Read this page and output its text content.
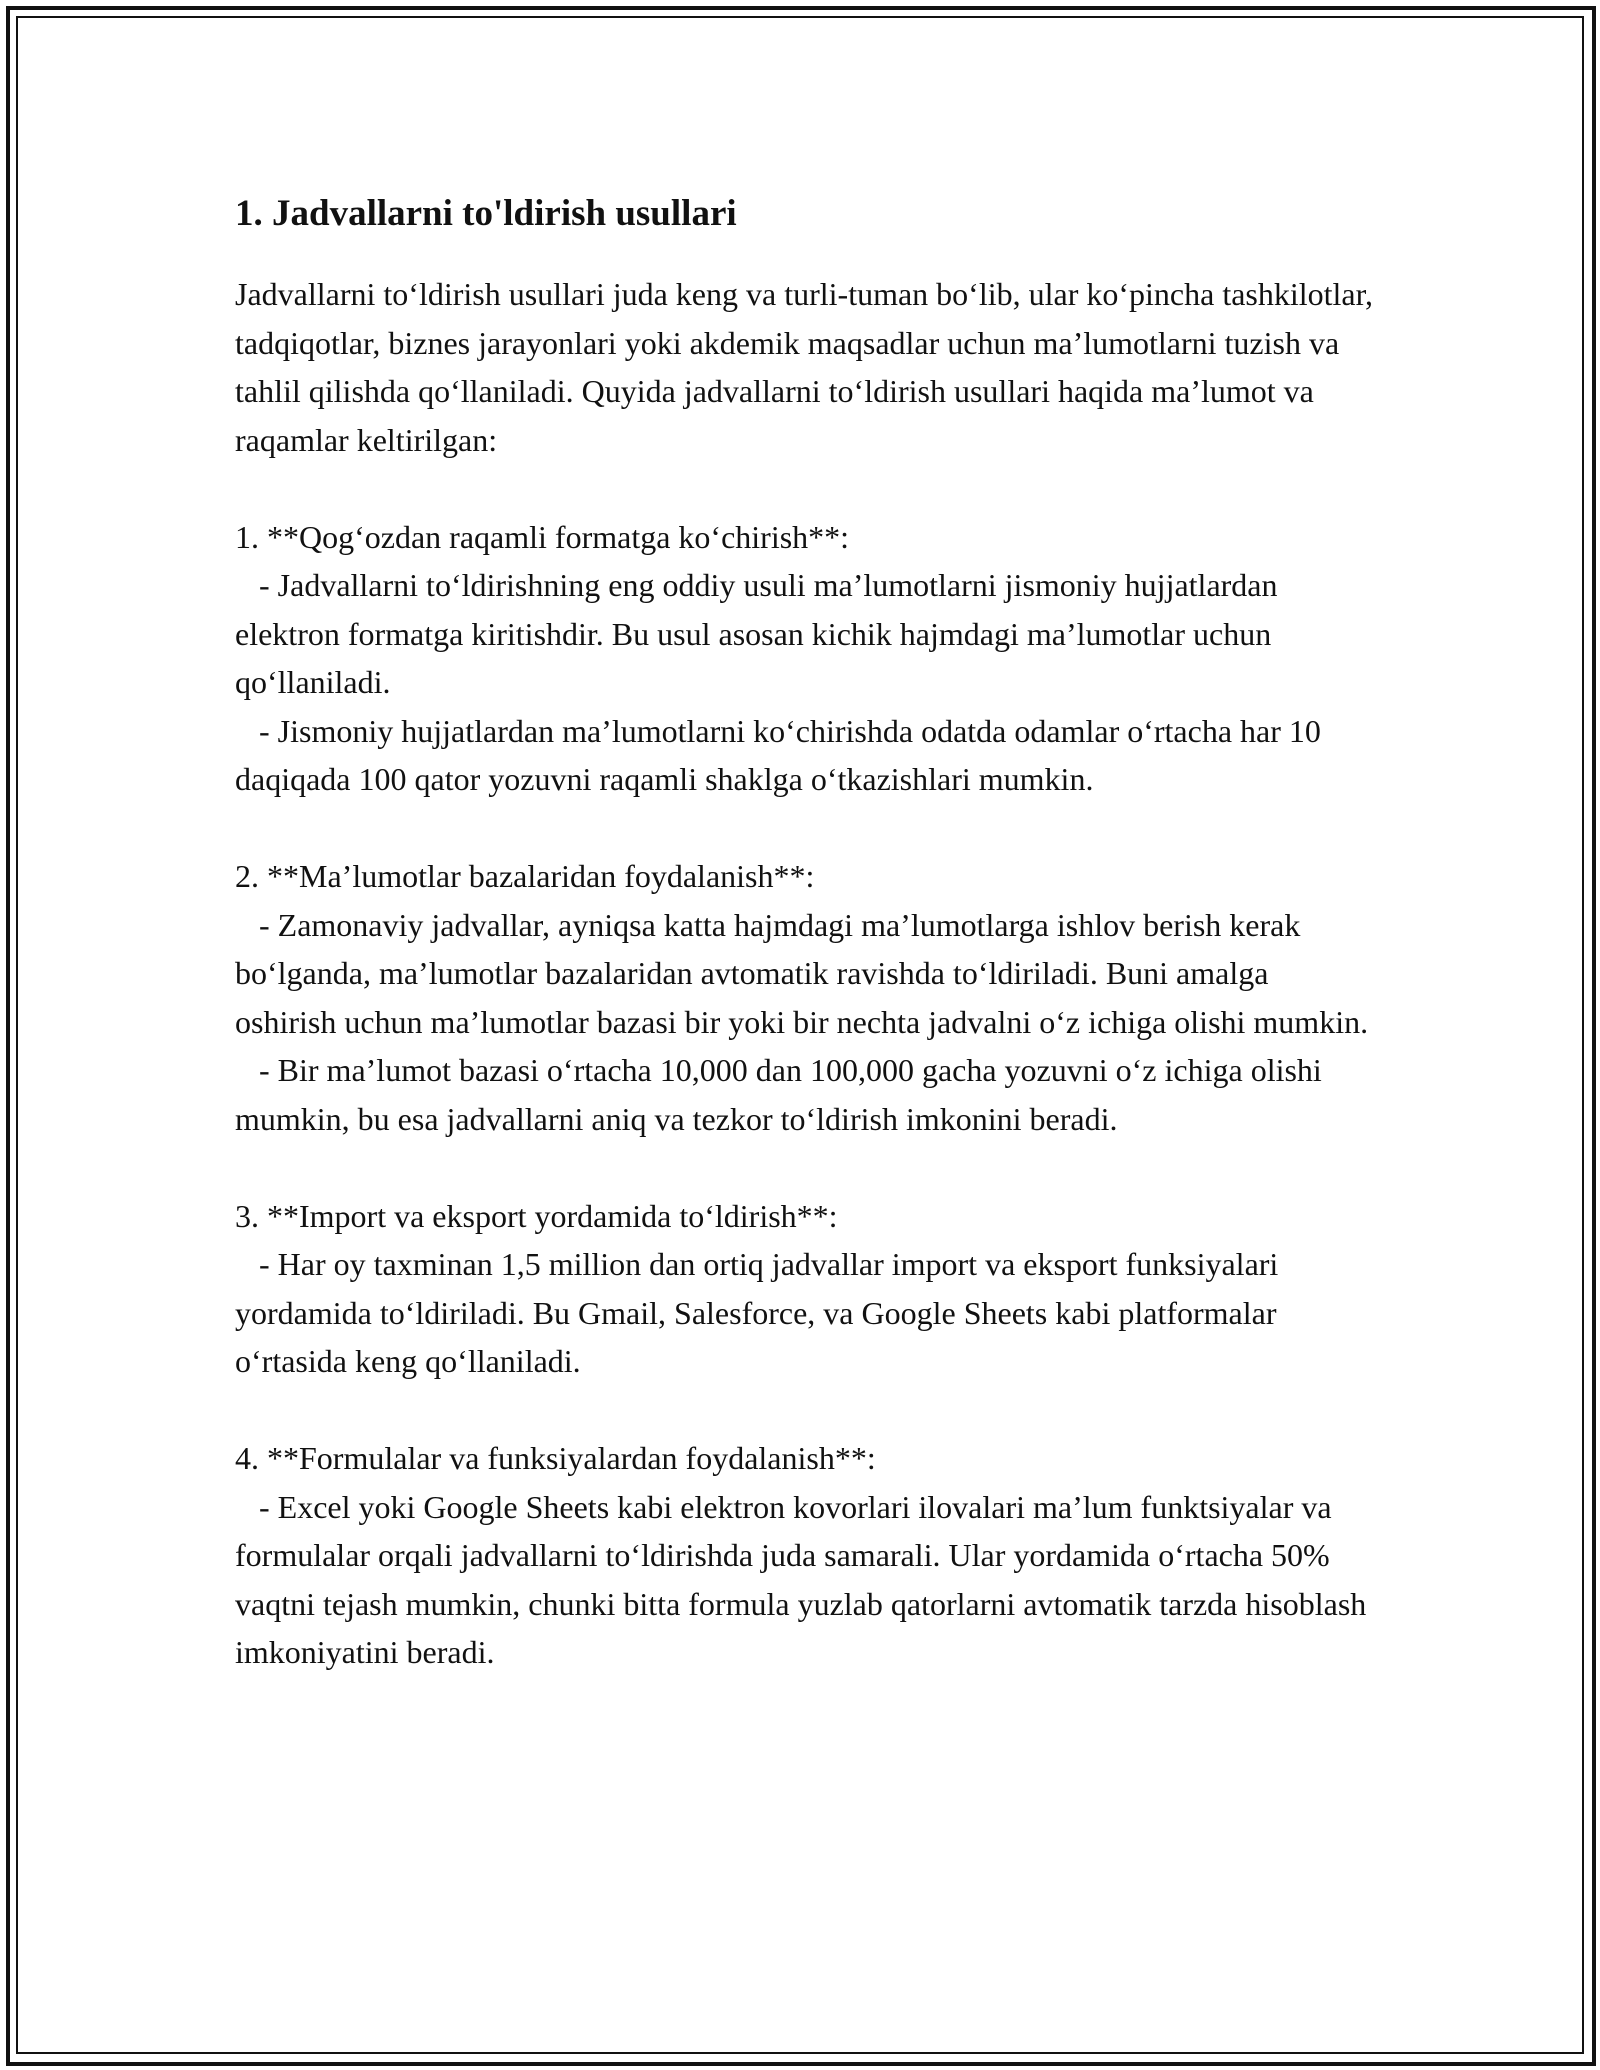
1. Jadvallarni to'ldirish usullari

Jadvallarni to‘ldirish usullari juda keng va turli-tuman bo‘lib, ular ko‘pincha tashkilotlar, tadqiqotlar, biznes jarayonlari yoki akdemik maqsadlar uchun ma’lumotlarni tuzish va tahlil qilishda qo‘llaniladi. Quyida jadvallarni to‘ldirish usullari haqida ma’lumot va raqamlar keltirilgan:

1. **Qog‘ozdan raqamli formatga ko‘chirish**:

- Jadvallarni to‘ldirishning eng oddiy usuli ma’lumotlarni jismoniy hujjatlardan elektron formatga kiritishdir. Bu usul asosan kichik hajmdagi ma’lumotlar uchun qo‘llaniladi.

- Jismoniy hujjatlardan ma’lumotlarni ko‘chirishda odatda odamlar o‘rtacha har 10 daqiqada 100 qator yozuvni raqamli shaklga o‘tkazishlari mumkin.

2. **Ma’lumotlar bazalaridan foydalanish**:

- Zamonaviy jadvallar, ayniqsa katta hajmdagi ma’lumotlarga ishlov berish kerak bo‘lganda, ma’lumotlar bazalaridan avtomatik ravishda to‘ldiriladi. Buni amalga oshirish uchun ma’lumotlar bazasi bir yoki bir nechta jadvalni o‘z ichiga olishi mumkin.

- Bir ma’lumot bazasi o‘rtacha 10,000 dan 100,000 gacha yozuvni o‘z ichiga olishi mumkin, bu esa jadvallarni aniq va tezkor to‘ldirish imkonini beradi.

3. **Import va eksport yordamida to‘ldirish**:

- Har oy taxminan 1,5 million dan ortiq jadvallar import va eksport funksiyalari yordamida to‘ldiriladi. Bu Gmail, Salesforce, va Google Sheets kabi platformalar o‘rtasida keng qo‘llaniladi.

4. **Formulalar va funksiyalardan foydalanish**:

- Excel yoki Google Sheets kabi elektron kovorlari ilovalari ma’lum funktsiyalar va formulalar orqali jadvallarni to‘ldirishda juda samarali. Ular yordamida o‘rtacha 50% vaqtni tejash mumkin, chunki bitta formula yuzlab qatorlarni avtomatik tarzda hisoblash imkoniyatini beradi.
